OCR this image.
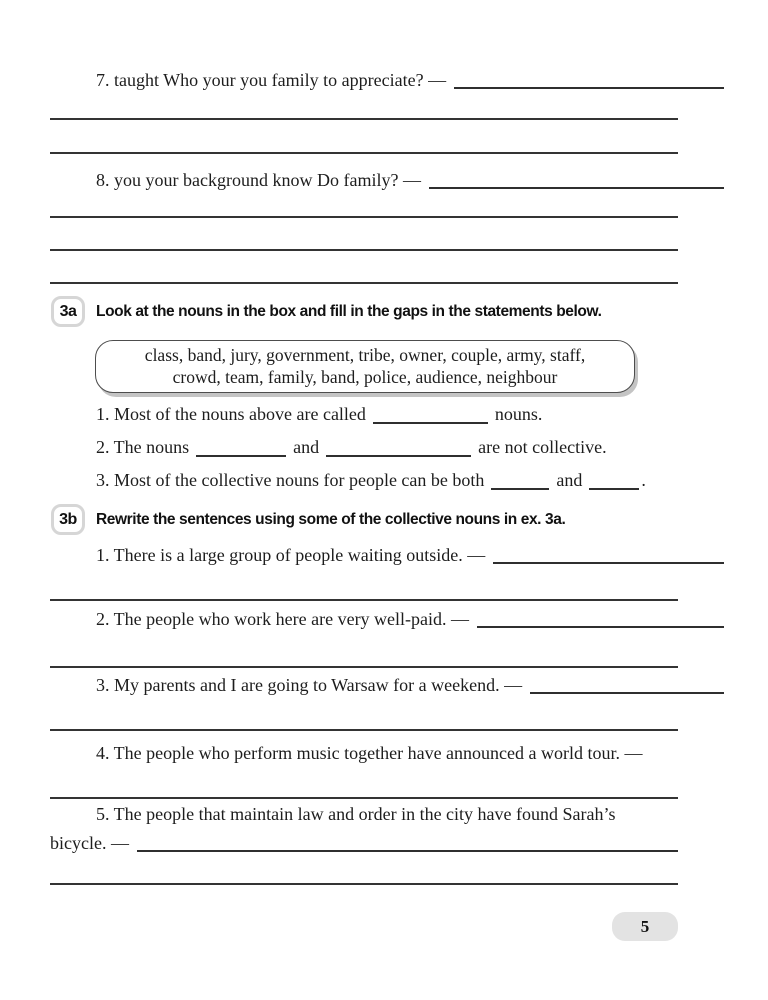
7. taught Who your you family to appreciate? —
8. you your background know Do family? —
3a	Look at the nouns in the box and fill in the gaps in the statements below.
class, band, jury, government, tribe, owner, couple, army, staff,
crowd, team, family, band, police, audience, neighbour
1. Most of the nouns above are called	nouns.
2. The nouns	and	are not collective.
3. Most of the collective nouns for people can be both	and	.
3b	Rewrite the sentences using some of the collective nouns in ex. 3a.
1. There is a large group of people waiting outside. —
2. The people who work here are very well-paid. —
3. My parents and I are going to Warsaw for a weekend. —
4. The people who perform music together have announced a world tour. —
5. The people that maintain law and order in the city have found Sarah’s
bicycle. —
5
